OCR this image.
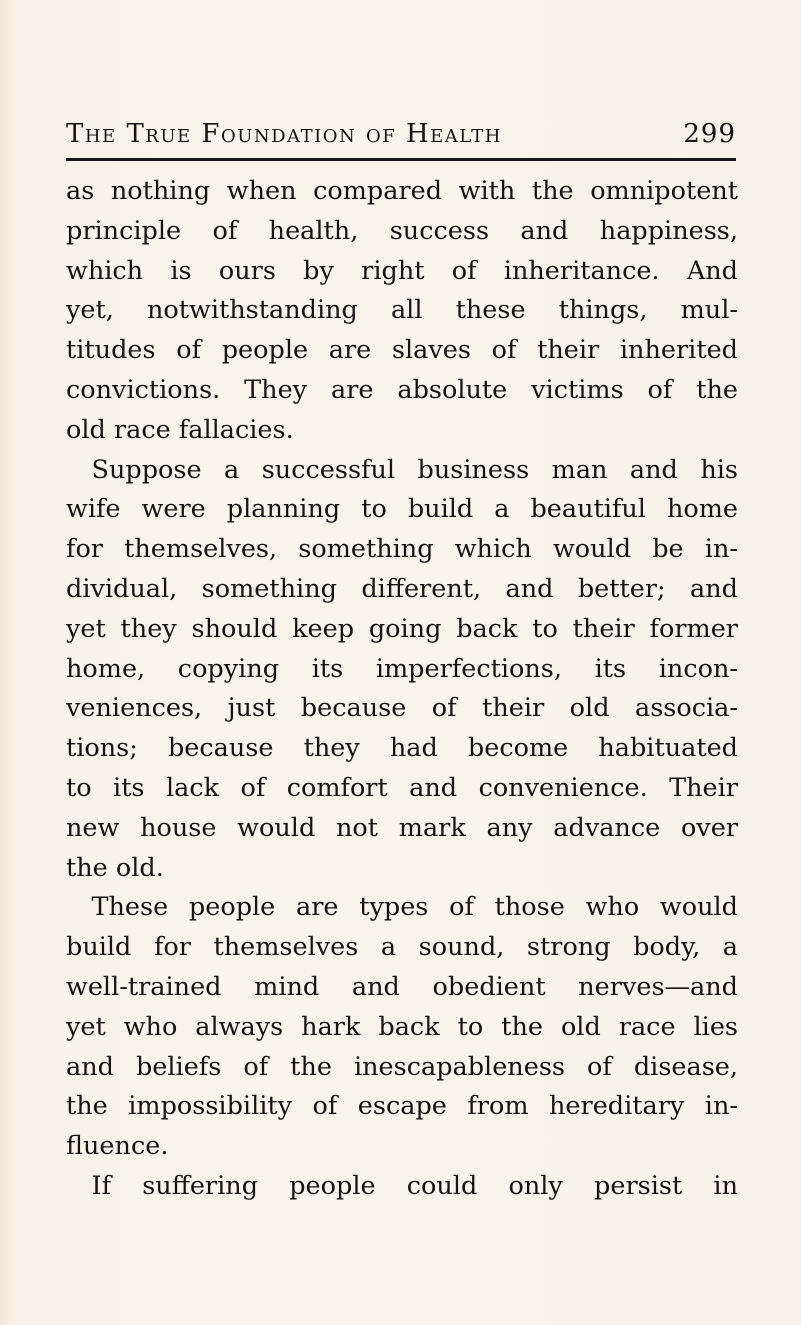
The True Foundation of Health	299
as nothing when compared with the omnipotent
principle of health, success and happiness,
which is ours by right of inheritance. And
yet, notwithstanding all these things, mul-
titudes of people are slaves of their inherited
convictions. They are absolute victims of the
old race fallacies.
 Suppose a successful business man and his
wife were planning to build a beautiful home
for themselves, something which would be in-
dividual, something different, and better; and
yet they should keep going back to their former
home, copying its imperfections, its incon-
veniences, just because of their old associa-
tions; because they had become habituated
to its lack of comfort and convenience. Their
new house would not mark any advance over
the old.
 These people are types of those who would
build for themselves a sound, strong body, a
well-trained mind and obedient nerves—and
yet who always hark back to the old race lies
and beliefs of the inescapableness of disease,
the impossibility of escape from hereditary in-
fluence.
 If suffering people could only persist in
